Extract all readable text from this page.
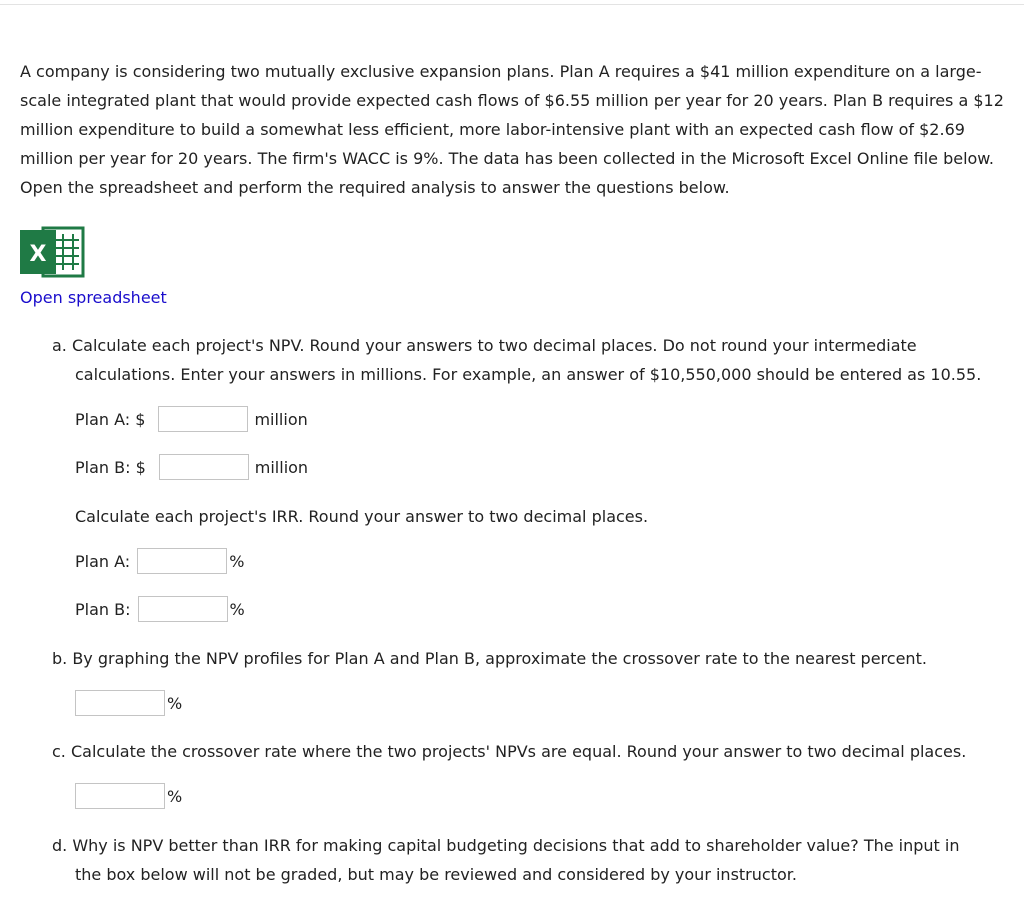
A company is considering two mutually exclusive expansion plans. Plan A requires a $41 million expenditure on a large-scale integrated plant that would provide expected cash flows of $6.55 million per year for 20 years. Plan B requires a $12 million expenditure to build a somewhat less efficient, more labor-intensive plant with an expected cash flow of $2.69 million per year for 20 years. The firm's WACC is 9%. The data has been collected in the Microsoft Excel Online file below. Open the spreadsheet and perform the required analysis to answer the questions below.

X
Open spreadsheet

a. Calculate each project's NPV. Round your answers to two decimal places. Do not round your intermediate
calculations. Enter your answers in millions. For example, an answer of $10,550,000 should be entered as 10.55.

Plan A: $	million
Plan B: $	million

Calculate each project's IRR. Round your answer to two decimal places.

Plan A:	%
Plan B:	%

b. By graphing the NPV profiles for Plan A and Plan B, approximate the crossover rate to the nearest percent.

%

c. Calculate the crossover rate where the two projects' NPVs are equal. Round your answer to two decimal places.

%

d. Why is NPV better than IRR for making capital budgeting decisions that add to shareholder value? The input in
the box below will not be graded, but may be reviewed and considered by your instructor.
